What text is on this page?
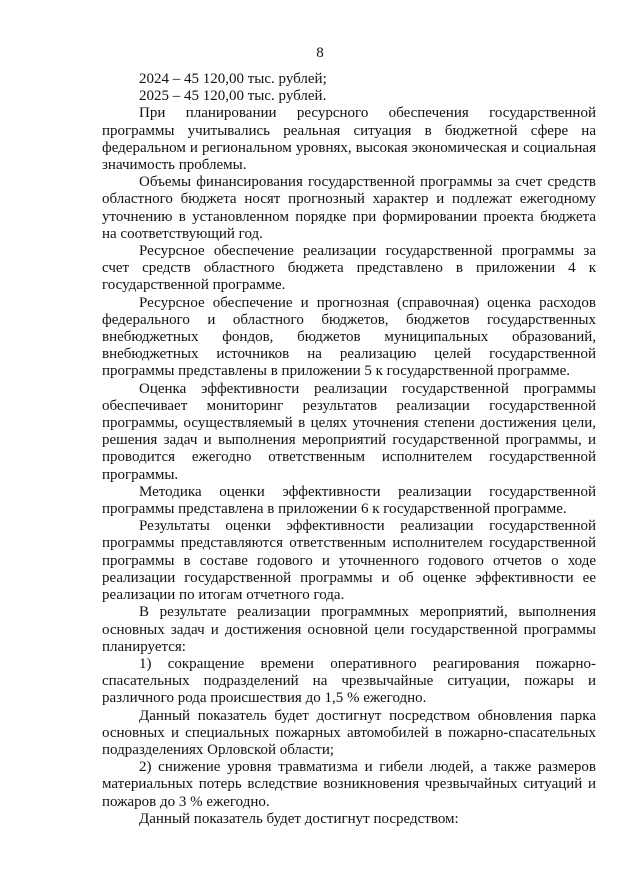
8

2024 – 45 120,00 тыс. рублей;

2025 – 45 120,00 тыс. рублей.

При планировании ресурсного обеспечения государственной программы учитывались реальная ситуация в бюджетной сфере на федеральном и региональном уровнях, высокая экономическая и социальная значимость проблемы.

Объемы финансирования государственной программы за счет средств областного бюджета носят прогнозный характер и подлежат ежегодному уточнению в установленном порядке при формировании проекта бюджета на соответствующий год.

Ресурсное обеспечение реализации государственной программы за счет средств областного бюджета представлено в приложении 4 к государственной программе.

Ресурсное обеспечение и прогнозная (справочная) оценка расходов федерального и областного бюджетов, бюджетов государственных внебюджетных фондов, бюджетов муниципальных образований, внебюджетных источников на реализацию целей государственной программы представлены в приложении 5 к государственной программе.

Оценка эффективности реализации государственной программы обеспечивает мониторинг результатов реализации государственной программы, осуществляемый в целях уточнения степени достижения цели, решения задач и выполнения мероприятий государственной программы, и проводится ежегодно ответственным исполнителем государственной программы.

Методика оценки эффективности реализации государственной программы представлена в приложении 6 к государственной программе.

Результаты оценки эффективности реализации государственной программы представляются ответственным исполнителем государственной программы в составе годового и уточненного годового отчетов о ходе реализации государственной программы и об оценке эффективности ее реализации по итогам отчетного года.

В результате реализации программных мероприятий, выполнения основных задач и достижения основной цели государственной программы планируется:

1) сокращение времени оперативного реагирования пожарно-спасательных подразделений на чрезвычайные ситуации, пожары и различного рода происшествия до 1,5 % ежегодно.

Данный показатель будет достигнут посредством обновления парка основных и специальных пожарных автомобилей в пожарно-спасательных подразделениях Орловской области;

2) снижение уровня травматизма и гибели людей, а также размеров материальных потерь вследствие возникновения чрезвычайных ситуаций и пожаров до 3 % ежегодно.

Данный показатель будет достигнут посредством:
